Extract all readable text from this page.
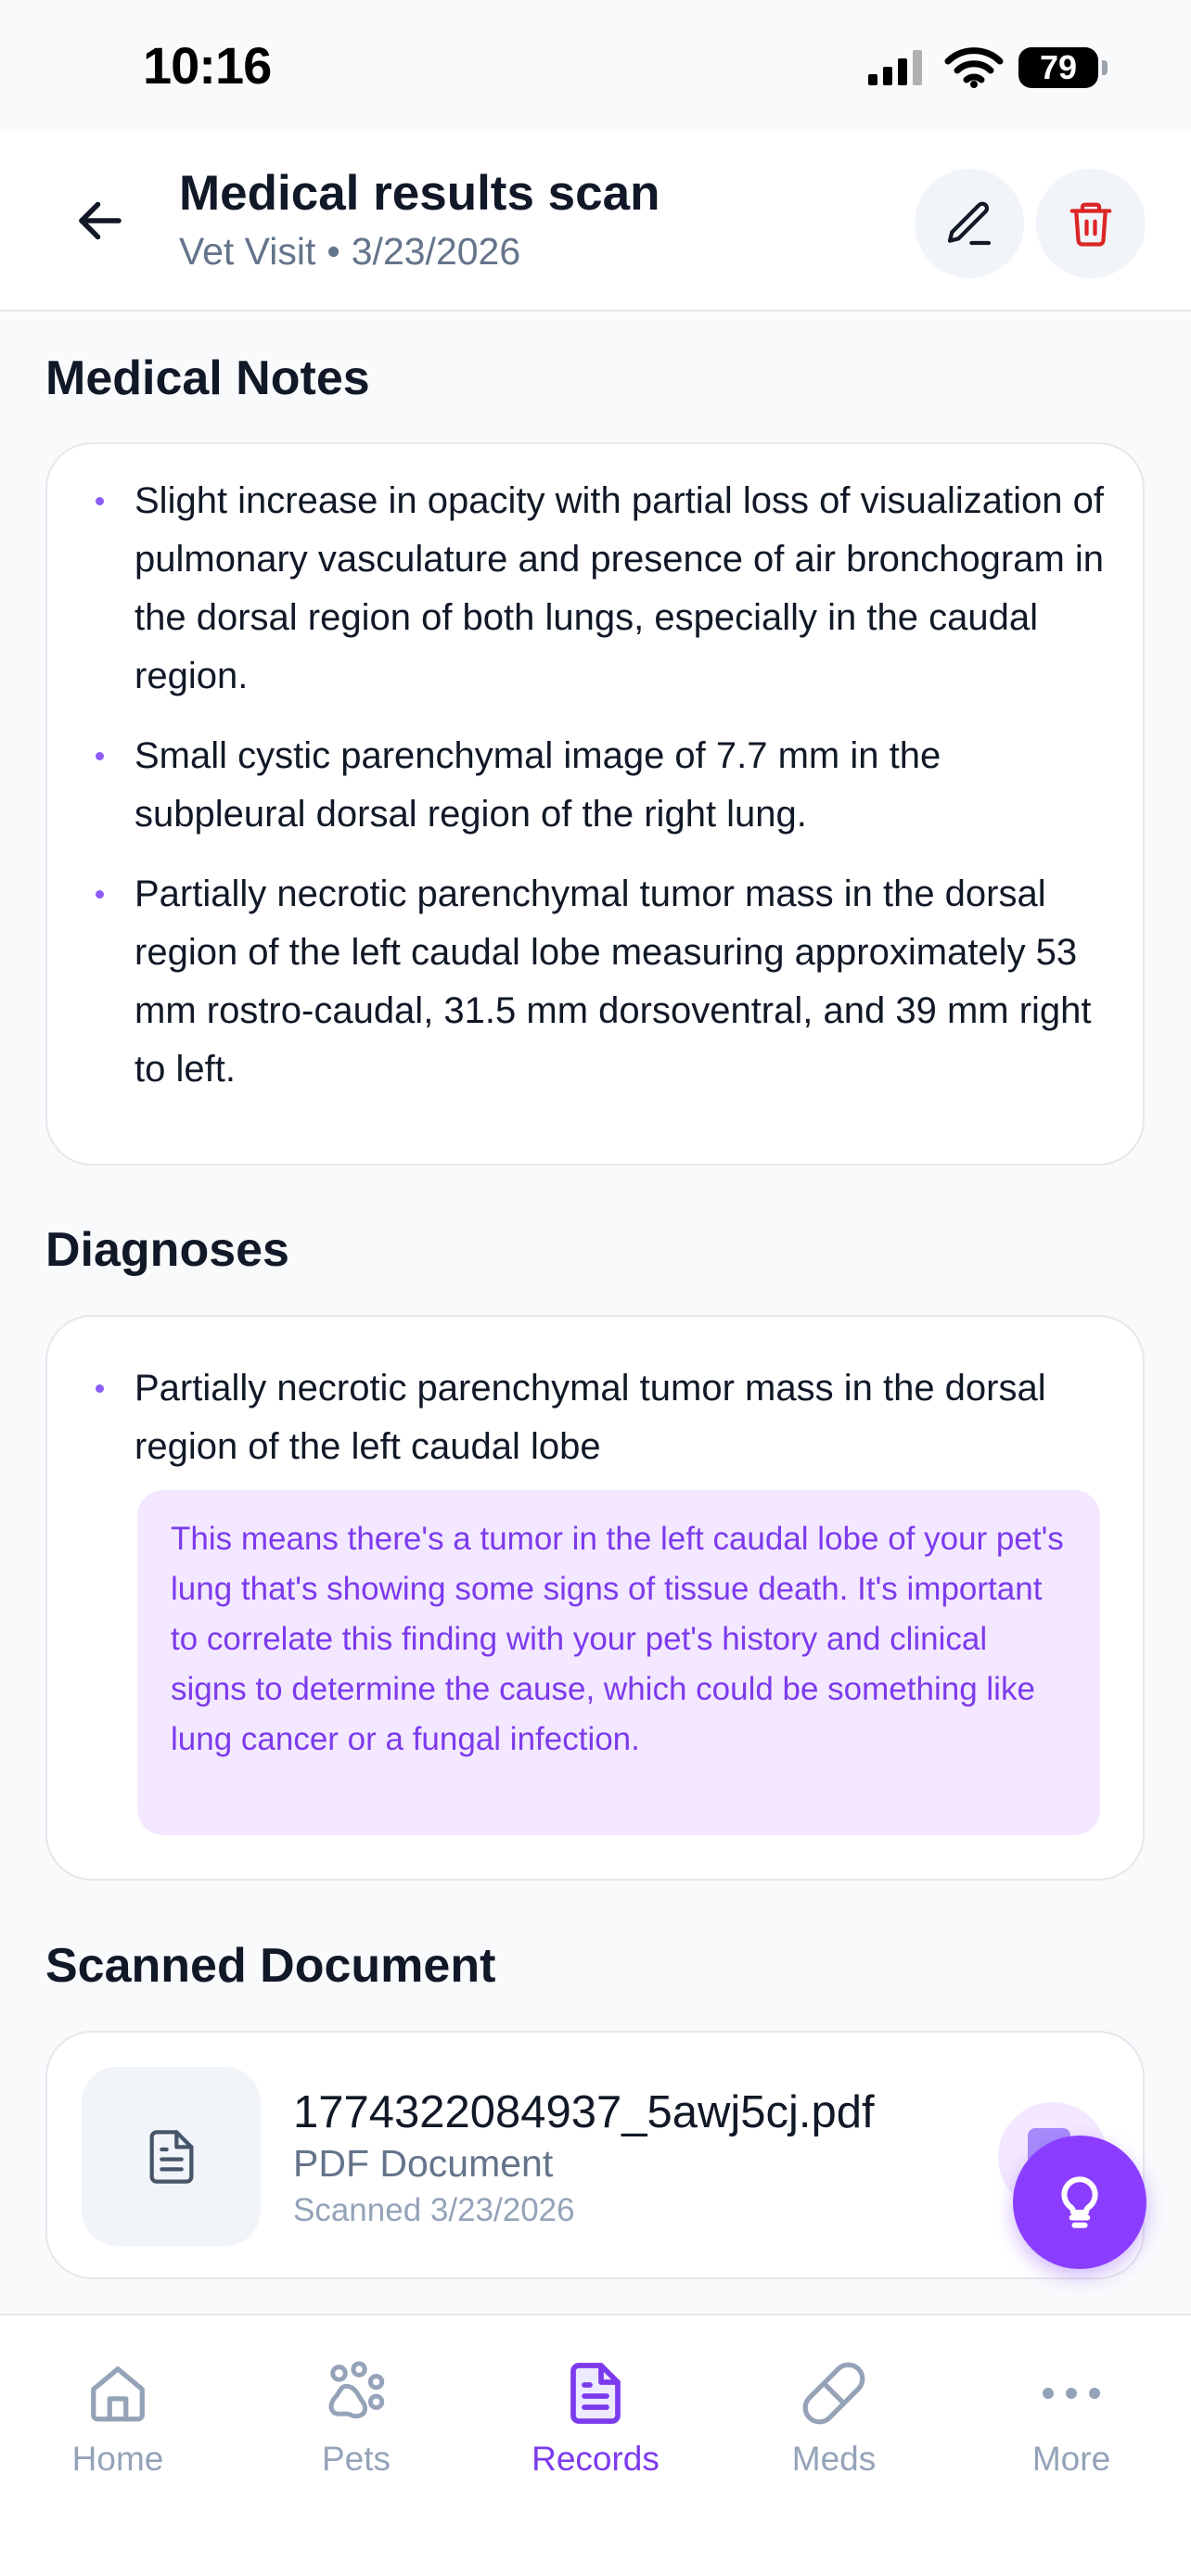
10:16	79
Medical results scan
Vet Visit • 3/23/2026
Medical Notes
Slight increase in opacity with partial loss of visualization of pulmonary vasculature and presence of air bronchogram in the dorsal region of both lungs, especially in the caudal region.
Small cystic parenchymal image of 7.7 mm in the subpleural dorsal region of the right lung.
Partially necrotic parenchymal tumor mass in the dorsal region of the left caudal lobe measuring approximately 53 mm rostro-caudal, 31.5 mm dorsoventral, and 39 mm right to left.
Diagnoses
Partially necrotic parenchymal tumor mass in the dorsal region of the left caudal lobe
This means there's a tumor in the left caudal lobe of your pet's lung that's showing some signs of tissue death. It's important to correlate this finding with your pet's history and clinical signs to determine the cause, which could be something like lung cancer or a fungal infection.
Scanned Document
1774322084937_5awj5cj.pdf
PDF Document
Scanned 3/23/2026
Home	Pets	Records	Meds	More
